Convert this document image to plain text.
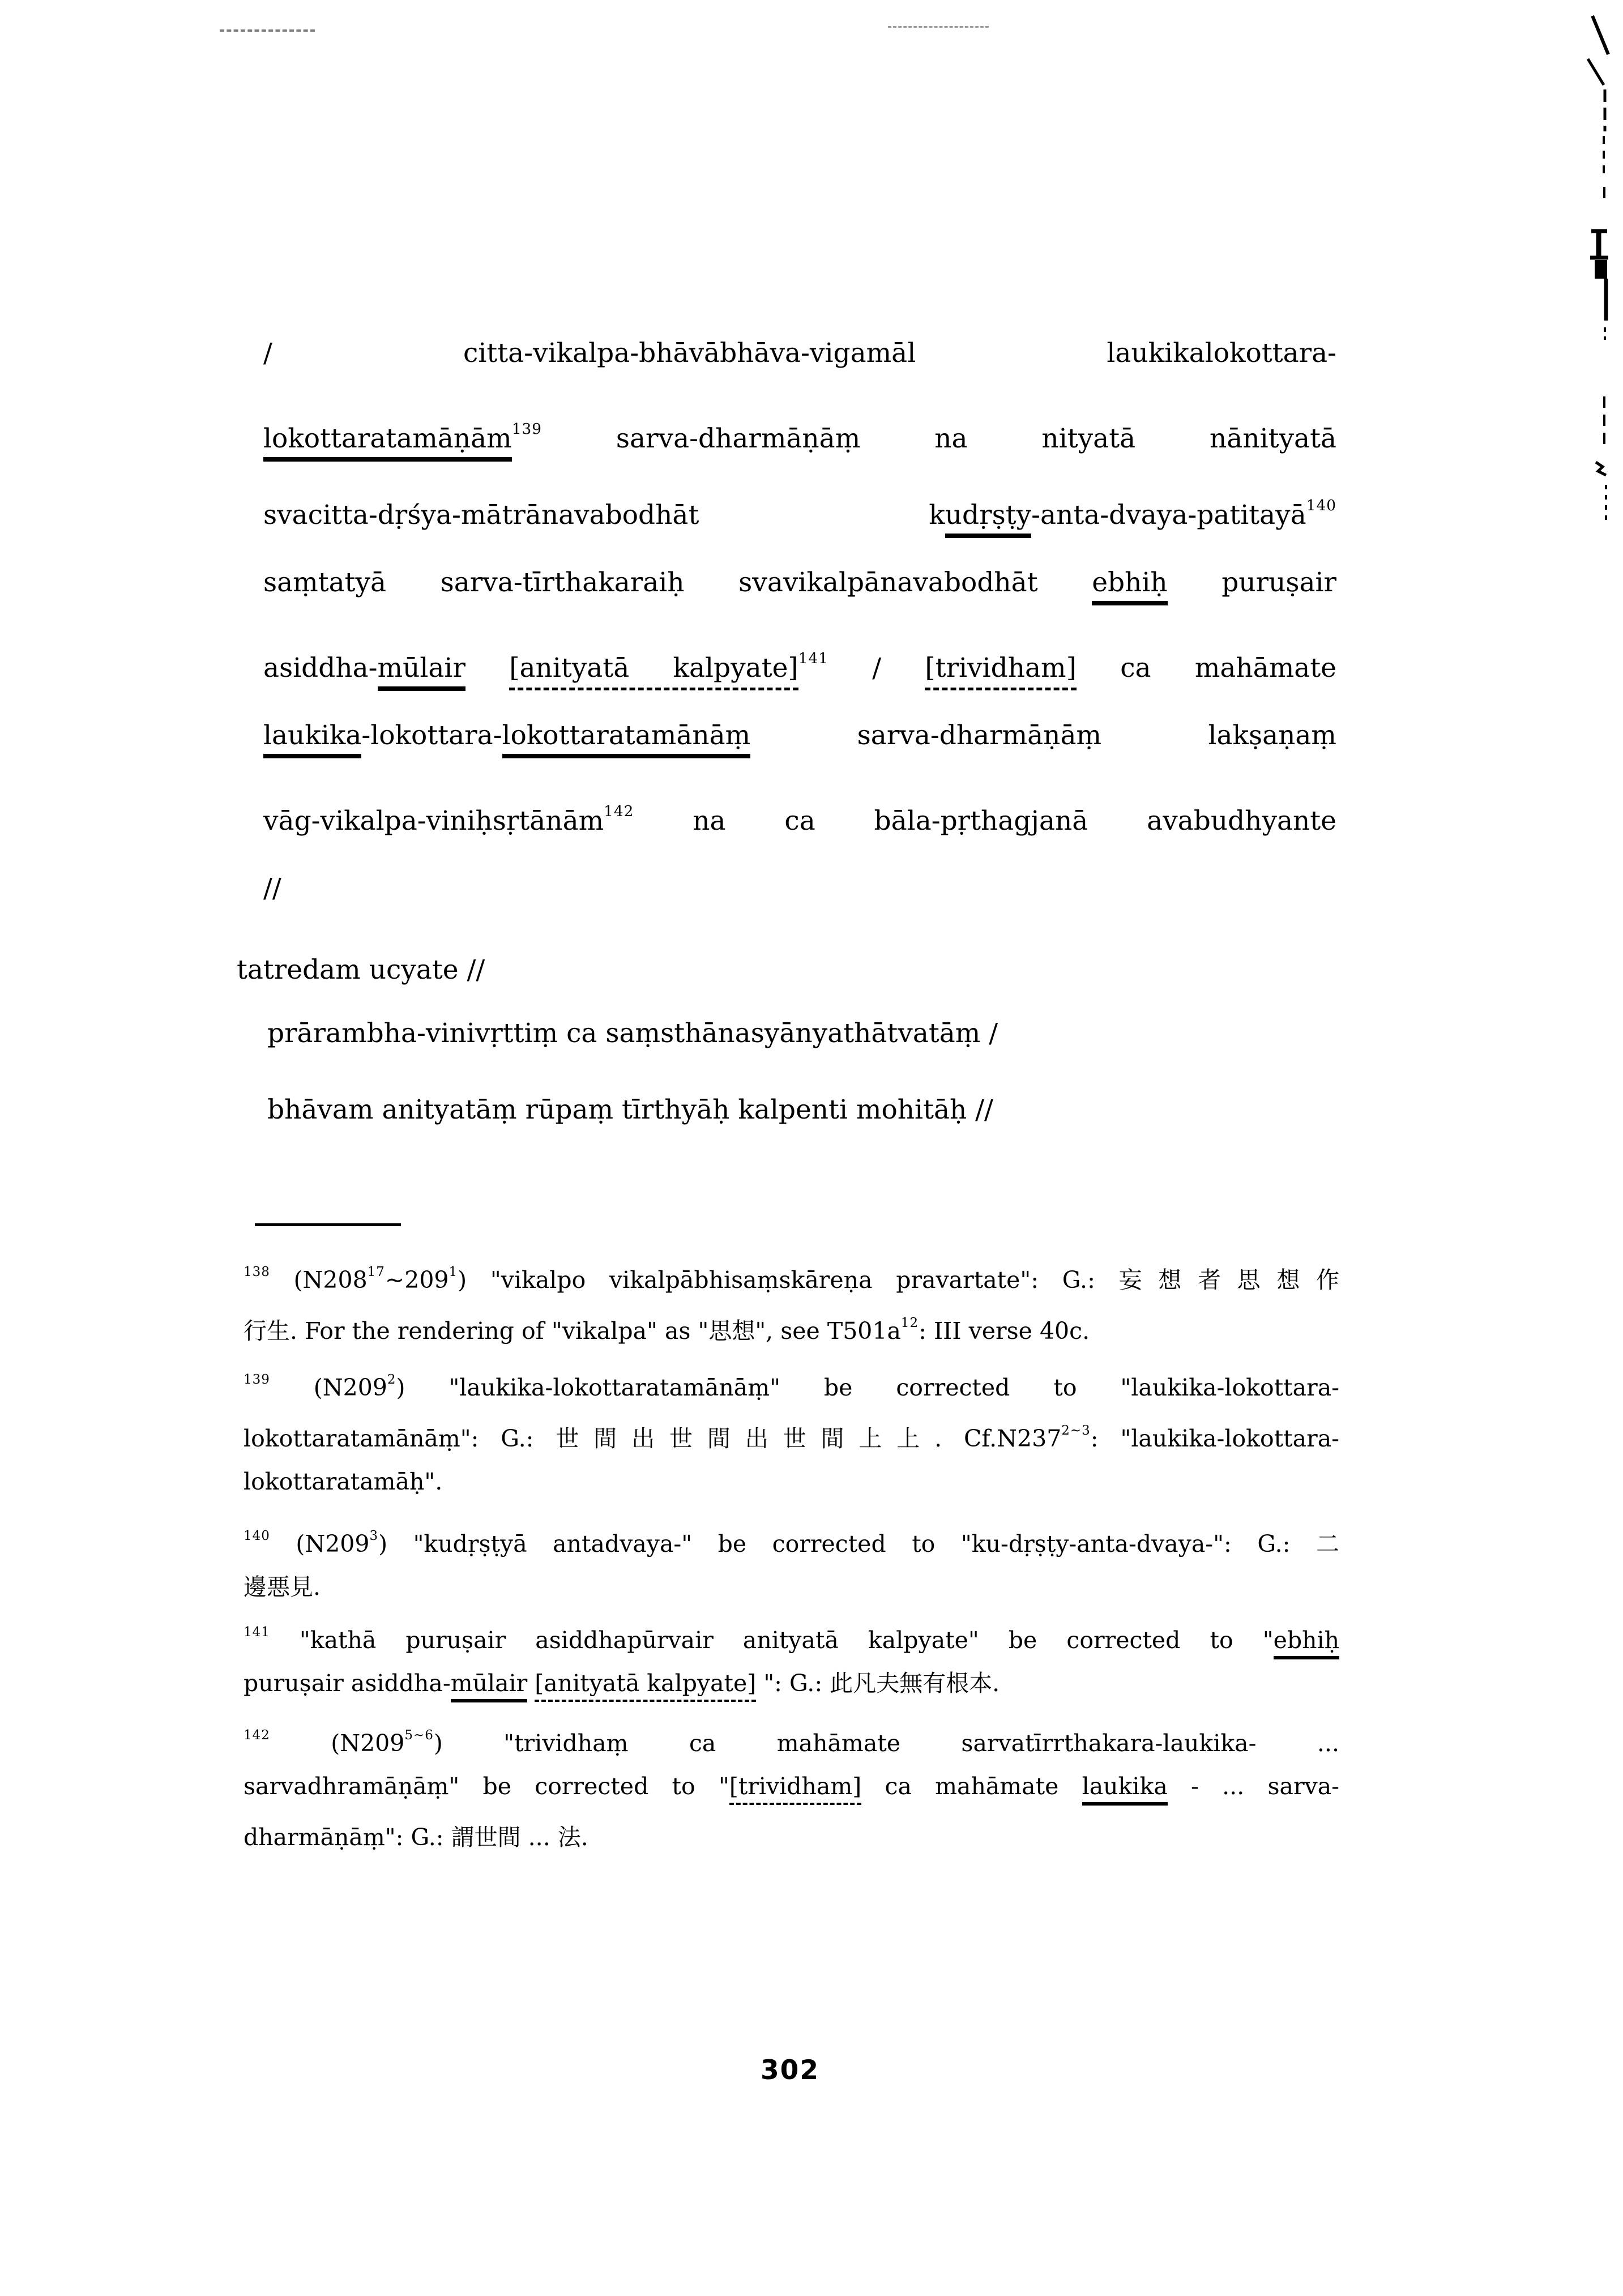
/ citta-vikalpa-bhāvābhāva-vigamāl laukikalokottara-
lokottaratamāṇām$^{139}$ sarva-dharmāṇāṃ na nityatā nānityatā
svacitta-dṛśya-mātrānavabodhāt kudṛṣṭy-anta-dvaya-patitayā$^{140}$
saṃtatyā sarva-tīrthakaraiḥ svavikalpānavabodhāt ebhiḥ puruṣair
asiddha-mūlair [anityatā kalpyate]$^{141}$ / [trividham] ca mahāmate
laukika-lokottara-lokottaratamānāṃ sarva-dharmāṇāṃ lakṣaṇaṃ
vāg-vikalpa-viniḥsṛtānām$^{142}$ na ca bāla-pṛthagjanā avabudhyante
//
tatredam ucyate //
prārambha-vinivṛttiṃ ca saṃsthānasyānyathātvatāṃ /
bhāvam anityatāṃ rūpaṃ tīrthyāḥ kalpenti mohitāḥ //
$^{138}$ $(N208^{17}\sim 209^1)$ "vikalpo vikalpābhisaṃskāreṇa pravartate": G.: 妄想者思想作
行生. For the rendering of "vikalpa" as "思想", see $T501a^{12}$: III verse 40c.
$^{139}$ $(N209^2)$ "laukika-lokottaratamānāṃ" be corrected to "laukika-lokottara-
lokottaratamānāṃ": G.: 世間出世間出世間上上. $Cf.N237^{2\sim 3}$: "laukika-lokottara-
lokottaratamāḥ".
$^{140}$ $(N209^3)$ "kudṛṣṭyā antadvaya-" be corrected to "ku-dṛṣṭy-anta-dvaya-": G.: 二
邊悪見.
$^{141}$ "kathā puruṣair asiddhapūrvair anityatā kalpyate" be corrected to "ebhiḥ
puruṣair asiddha-mūlair [anityatā kalpyate] ": G.: 此凡夫無有根本.
$^{142}$ $(N209^{5\sim 6})$ "trividhaṃ ca mahāmate sarvatīrrthakara-laukika- ...
sarvadhramāṇāṃ" be corrected to "[trividham] ca mahāmate laukika - ... sarva-
dharmāṇāṃ": G.: 謂世間 ... 法.
302
